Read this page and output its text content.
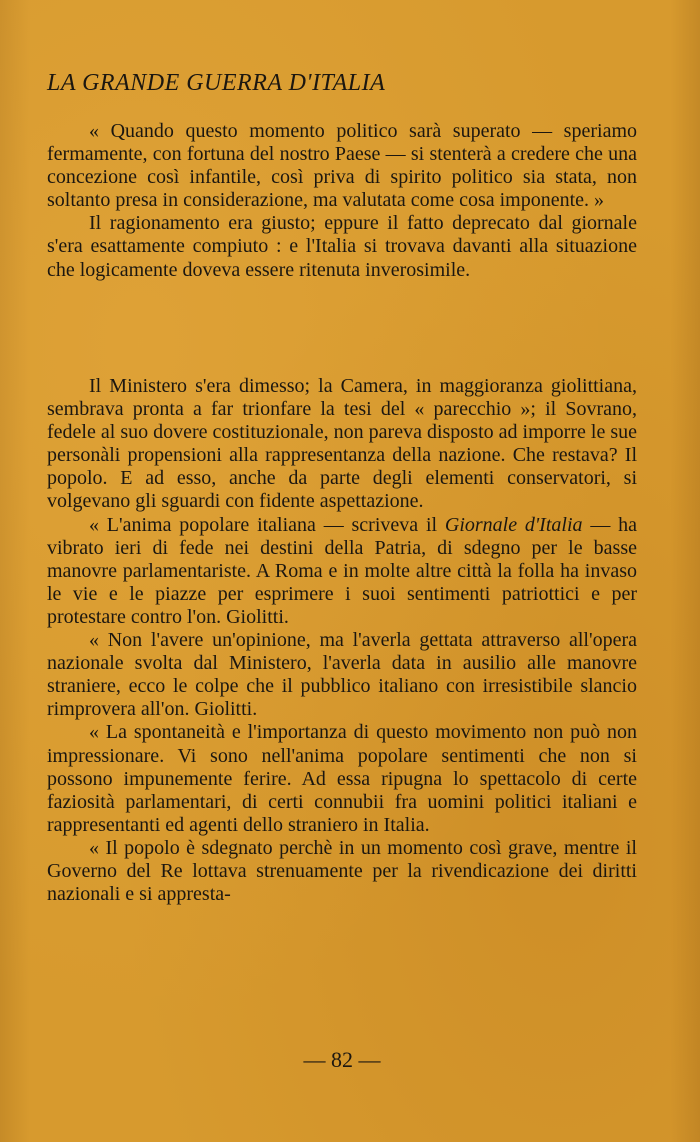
LA GRANDE GUERRA D'ITALIA

« Quando questo momento politico sarà superato — speriamo fermamente, con fortuna del nostro Paese — si stenterà a credere che una concezione così infantile, così priva di spirito politico sia stata, non soltanto presa in considerazione, ma valutata come cosa imponente. »

Il ragionamento era giusto; eppure il fatto deprecato dal giornale s'era esattamente compiuto : e l'Italia si trovava davanti alla situazione che logicamente doveva essere ritenuta inverosimile.

Il Ministero s'era dimesso; la Camera, in maggioranza giolittiana, sembrava pronta a far trionfare la tesi del « parecchio »; il Sovrano, fedele al suo dovere costituzionale, non pareva disposto ad imporre le sue personàli propensioni alla rappresentanza della nazione. Che restava? Il popolo. E ad esso, anche da parte degli elementi conservatori, si volgevano gli sguardi con fidente aspettazione.

« L'anima popolare italiana — scriveva il Giornale d'Italia — ha vibrato ieri di fede nei destini della Patria, di sdegno per le basse manovre parlamentariste. A Roma e in molte altre città la folla ha invaso le vie e le piazze per esprimere i suoi sentimenti patriottici e per protestare contro l'on. Giolitti.

« Non l'avere un'opinione, ma l'averla gettata attraverso all'opera nazionale svolta dal Ministero, l'averla data in ausilio alle manovre straniere, ecco le colpe che il pubblico italiano con irresistibile slancio rimprovera all'on. Giolitti.

« La spontaneità e l'importanza di questo movimento non può non impressionare. Vi sono nell'anima popolare sentimenti che non si possono impunemente ferire. Ad essa ripugna lo spettacolo di certe faziosità parlamentari, di certi connubii fra uomini politici italiani e rappresentanti ed agenti dello straniero in Italia.

« Il popolo è sdegnato perchè in un momento così grave, mentre il Governo del Re lottava strenuamente per la rivendicazione dei diritti nazionali e si appresta-

— 82 —
